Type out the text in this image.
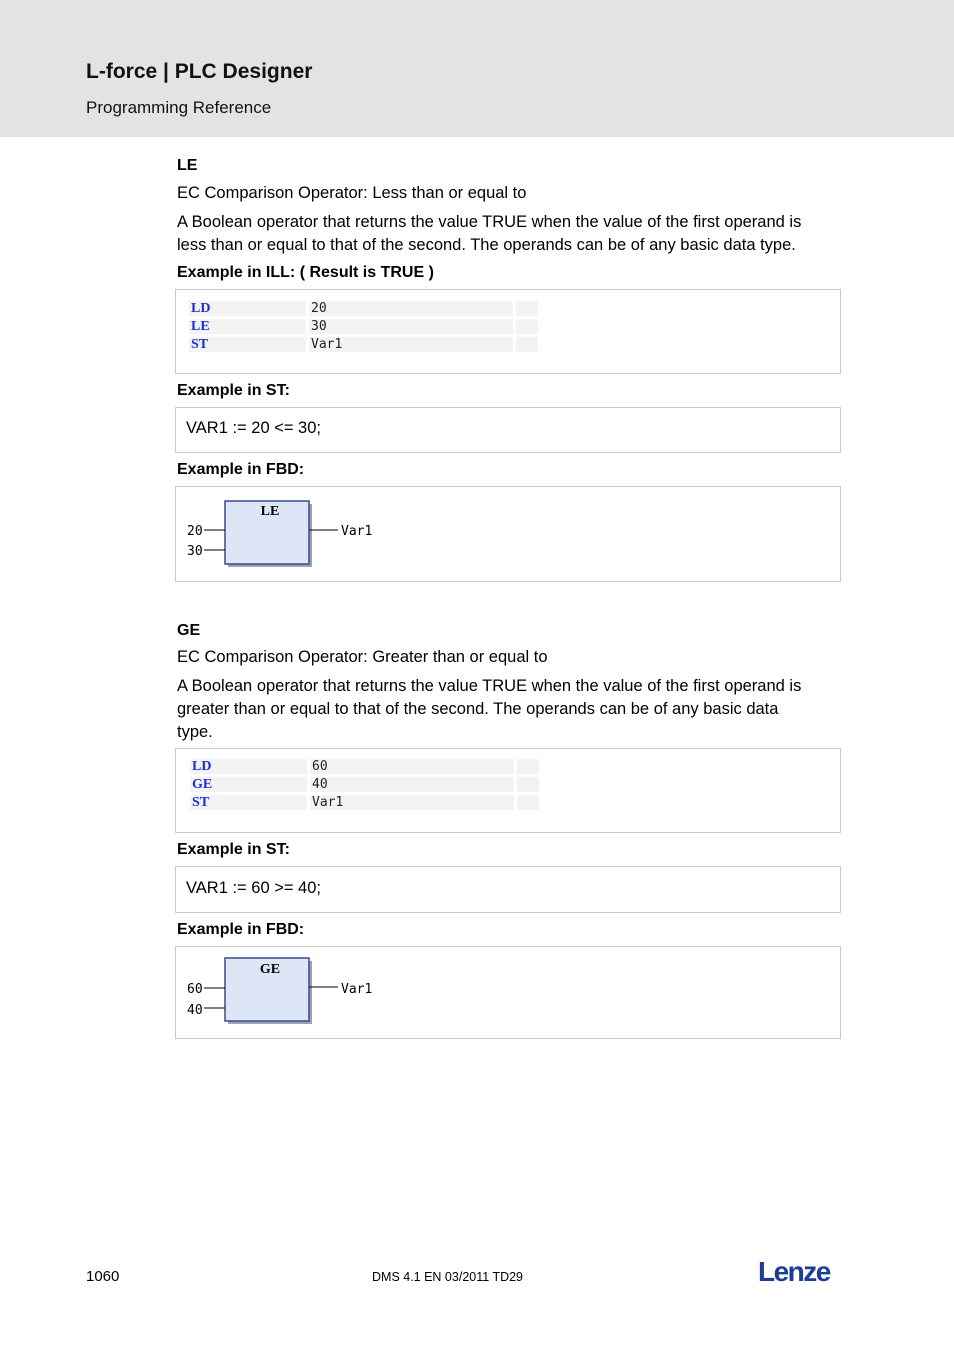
L-force | PLC Designer
Programming Reference
LE
EC Comparison Operator: Less than or equal to
A Boolean operator that returns the value TRUE when the value of the first operand is
less than or equal to that of the second. The operands can be of any basic data type.
Example in ILL: ( Result is TRUE )
LD	20	
LE	30	
ST	Var1	
Example in ST:
VAR1 := 20 <= 30;
Example in FBD:
LE
20
30
Var1
GE
EC Comparison Operator: Greater than or equal to
A Boolean operator that returns the value TRUE when the value of the first operand is
greater than or equal to that of the second. The operands can be of any basic data
type.
LD	60	
GE	40	
ST	Var1	
Example in ST:
VAR1 := 60 >= 40;
Example in FBD:
GE
60
40
Var1
1060	DMS 4.1 EN 03/2011 TD29	Lenze
